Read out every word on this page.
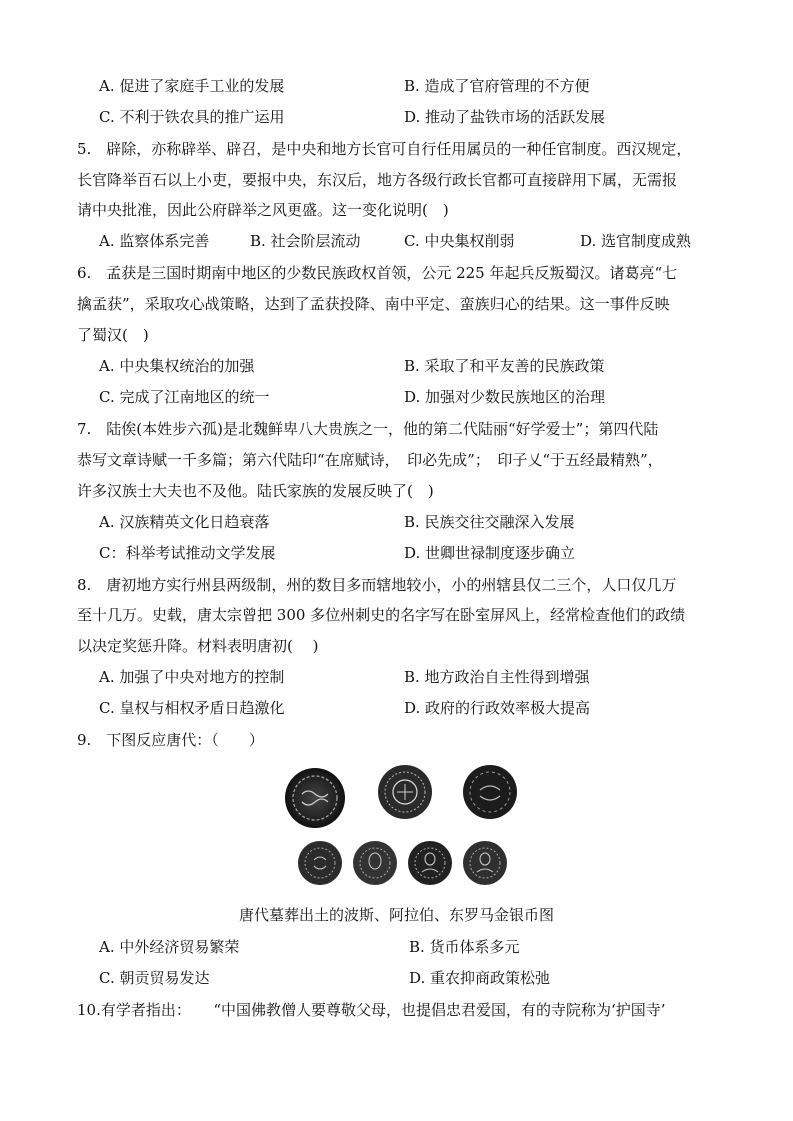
A. 促进了家庭手工业的发展	B. 造成了官府管理的不方便
C. 不利于铁农具的推广运用	D. 推动了盐铁市场的活跃发展
5.　辟除，亦称辟举、辟召，是中央和地方长官可自行任用属员的一种任官制度。西汉规定，
长官降举百石以上小吏，要报中央，东汉后，地方各级行政长官都可直接辟用下属，无需报
请中央批准，因此公府辟举之风更盛。这一变化说明(　)
A. 监察体系完善	B. 社会阶层流动	C. 中央集权削弱	D. 选官制度成熟
6.　孟获是三国时期南中地区的少数民族政权首领，公元 225 年起兵反叛蜀汉。诸葛亮“七
擒孟获”，采取攻心战策略，达到了孟获投降、南中平定、蛮族归心的结果。这一事件反映
了蜀汉(　)
A. 中央集权统治的加强	B. 采取了和平友善的民族政策
C. 完成了江南地区的统一	D. 加强对少数民族地区的治理
7.　陆俟(本姓步六孤)是北魏鲜卑八大贵族之一，他的第二代陆丽“好学爱士”；第四代陆
恭写文章诗赋一千多篇；第六代陆印“在席赋诗，　印必先成”；　印子乂“于五经最精熟”，
许多汉族士大夫也不及他。陆氏家族的发展反映了(　)
A. 汉族精英文化日趋衰落	B. 民族交往交融深入发展
C：科举考试推动文学发展	D. 世卿世禄制度逐步确立
8.　唐初地方实行州县两级制，州的数目多而辖地较小，小的州辖县仅二三个，人口仅几万
至十几万。史载，唐太宗曾把 300 多位州刺史的名字写在卧室屏风上，经常检查他们的政绩
以决定奖惩升降。材料表明唐初(　 )
A. 加强了中央对地方的控制	B. 地方政治自主性得到增强
C. 皇权与相权矛盾日趋激化	D. 政府的行政效率极大提高
9.　下图反应唐代：（　　）
唐代墓葬出土的波斯、阿拉伯、东罗马金银币图
A. 中外经济贸易繁荣	B. 货币体系多元
C. 朝贡贸易发达	D. 重农抑商政策松弛
10.有学者指出：　　“中国佛教僧人要尊敬父母，也提倡忠君爱国，有的寺院称为‘护国寺’
